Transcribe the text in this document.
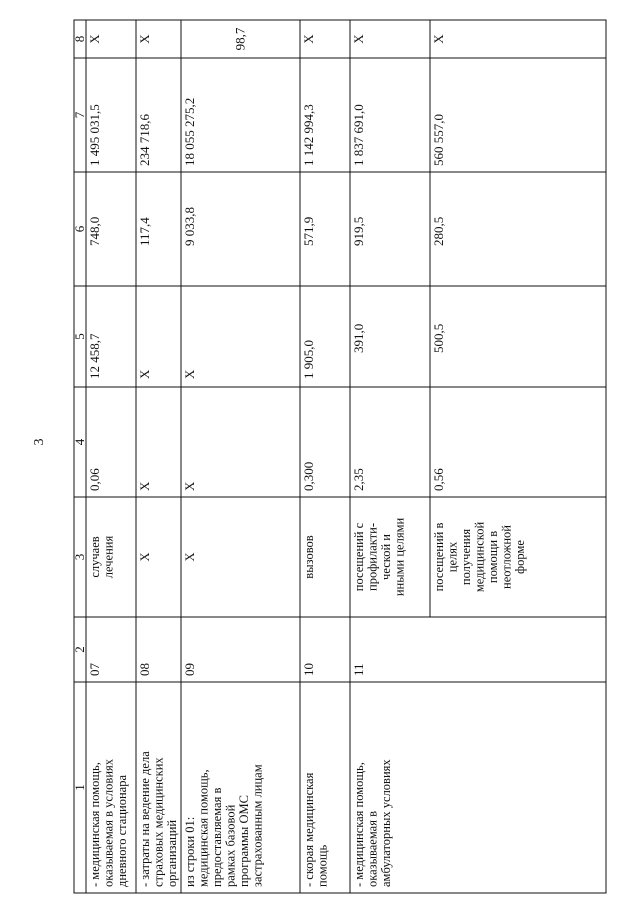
3
1
2
3
4
5
6
7
8
- медицинская помощь, оказываемая в условиях дневного стационара
07
случаев лечения
0,06
12 458,7
748,0
1 495 031,5
X
- затраты на ведение дела страховых медицинских организаций
08
X
X
X
117,4
234 718,6
X
из строки 01: медицинская помощь, предоставляемая в рамках базовой программы ОМС застрахованным лицам
09
X
X
X
9 033,8
18 055 275,2
98,7
- скорая медицинская помощь
10
вызовов
0,300
1 905,0
571,9
1 142 994,3
X
- медицинская помощь, оказываемая в амбулаторных условиях
11
посещений с профилакти- ческой и иными целями
2,35
391,0
919,5
1 837 691,0
X
посещений в целях получения медицинской помощи в неотложной форме
0,56
500,5
280,5
560 557,0
X
